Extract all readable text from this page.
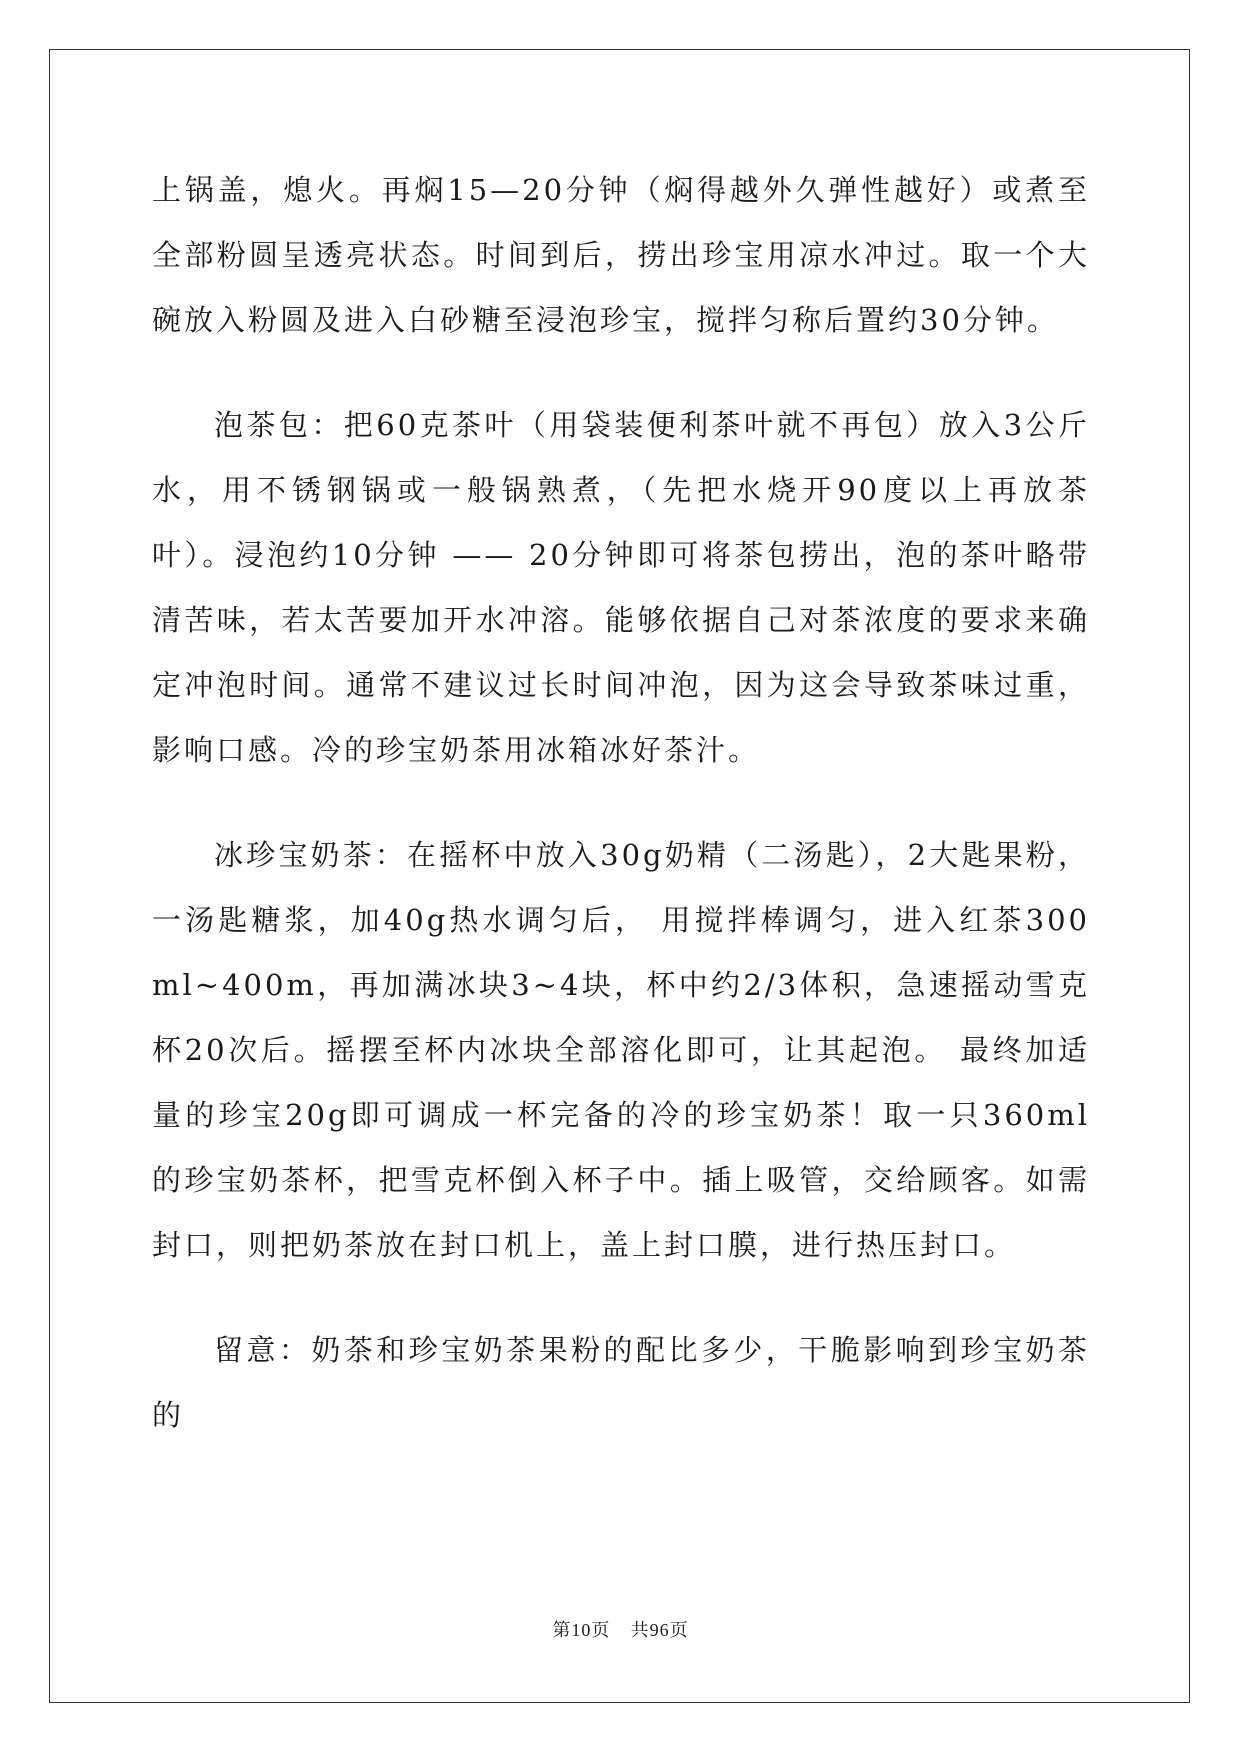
上锅盖，熄火。再焖15—20分钟（焖得越外久弹性越好）或煮至全部粉圆呈透亮状态。时间到后，捞出珍宝用凉水冲过。取一个大碗放入粉圆及进入白砂糖至浸泡珍宝，搅拌匀称后置约30分钟。

泡茶包：把60克茶叶（用袋装便利茶叶就不再包）放入3公斤水，用不锈钢锅或一般锅熟煮，（先把水烧开90度以上再放茶叶）。浸泡约10分钟 —— 20分钟即可将茶包捞出，泡的茶叶略带清苦味，若太苦要加开水冲溶。能够依据自己对茶浓度的要求来确定冲泡时间。通常不建议过长时间冲泡，因为这会导致茶味过重，影响口感。冷的珍宝奶茶用冰箱冰好茶汁。

冰珍宝奶茶：在摇杯中放入30g奶精（二汤匙），2大匙果粉，一汤匙糖浆，加40g热水调匀后， 用搅拌棒调匀，进入红茶300ml~400m，再加满冰块3~4块，杯中约2/3体积，急速摇动雪克杯20次后。摇摆至杯内冰块全部溶化即可，让其起泡。 最终加适量的珍宝20g即可调成一杯完备的冷的珍宝奶茶！取一只360ml的珍宝奶茶杯，把雪克杯倒入杯子中。插上吸管，交给顾客。如需封口，则把奶茶放在封口机上，盖上封口膜，进行热压封口。

留意：奶茶和珍宝奶茶果粉的配比多少，干脆影响到珍宝奶茶的

第10页 共96页
